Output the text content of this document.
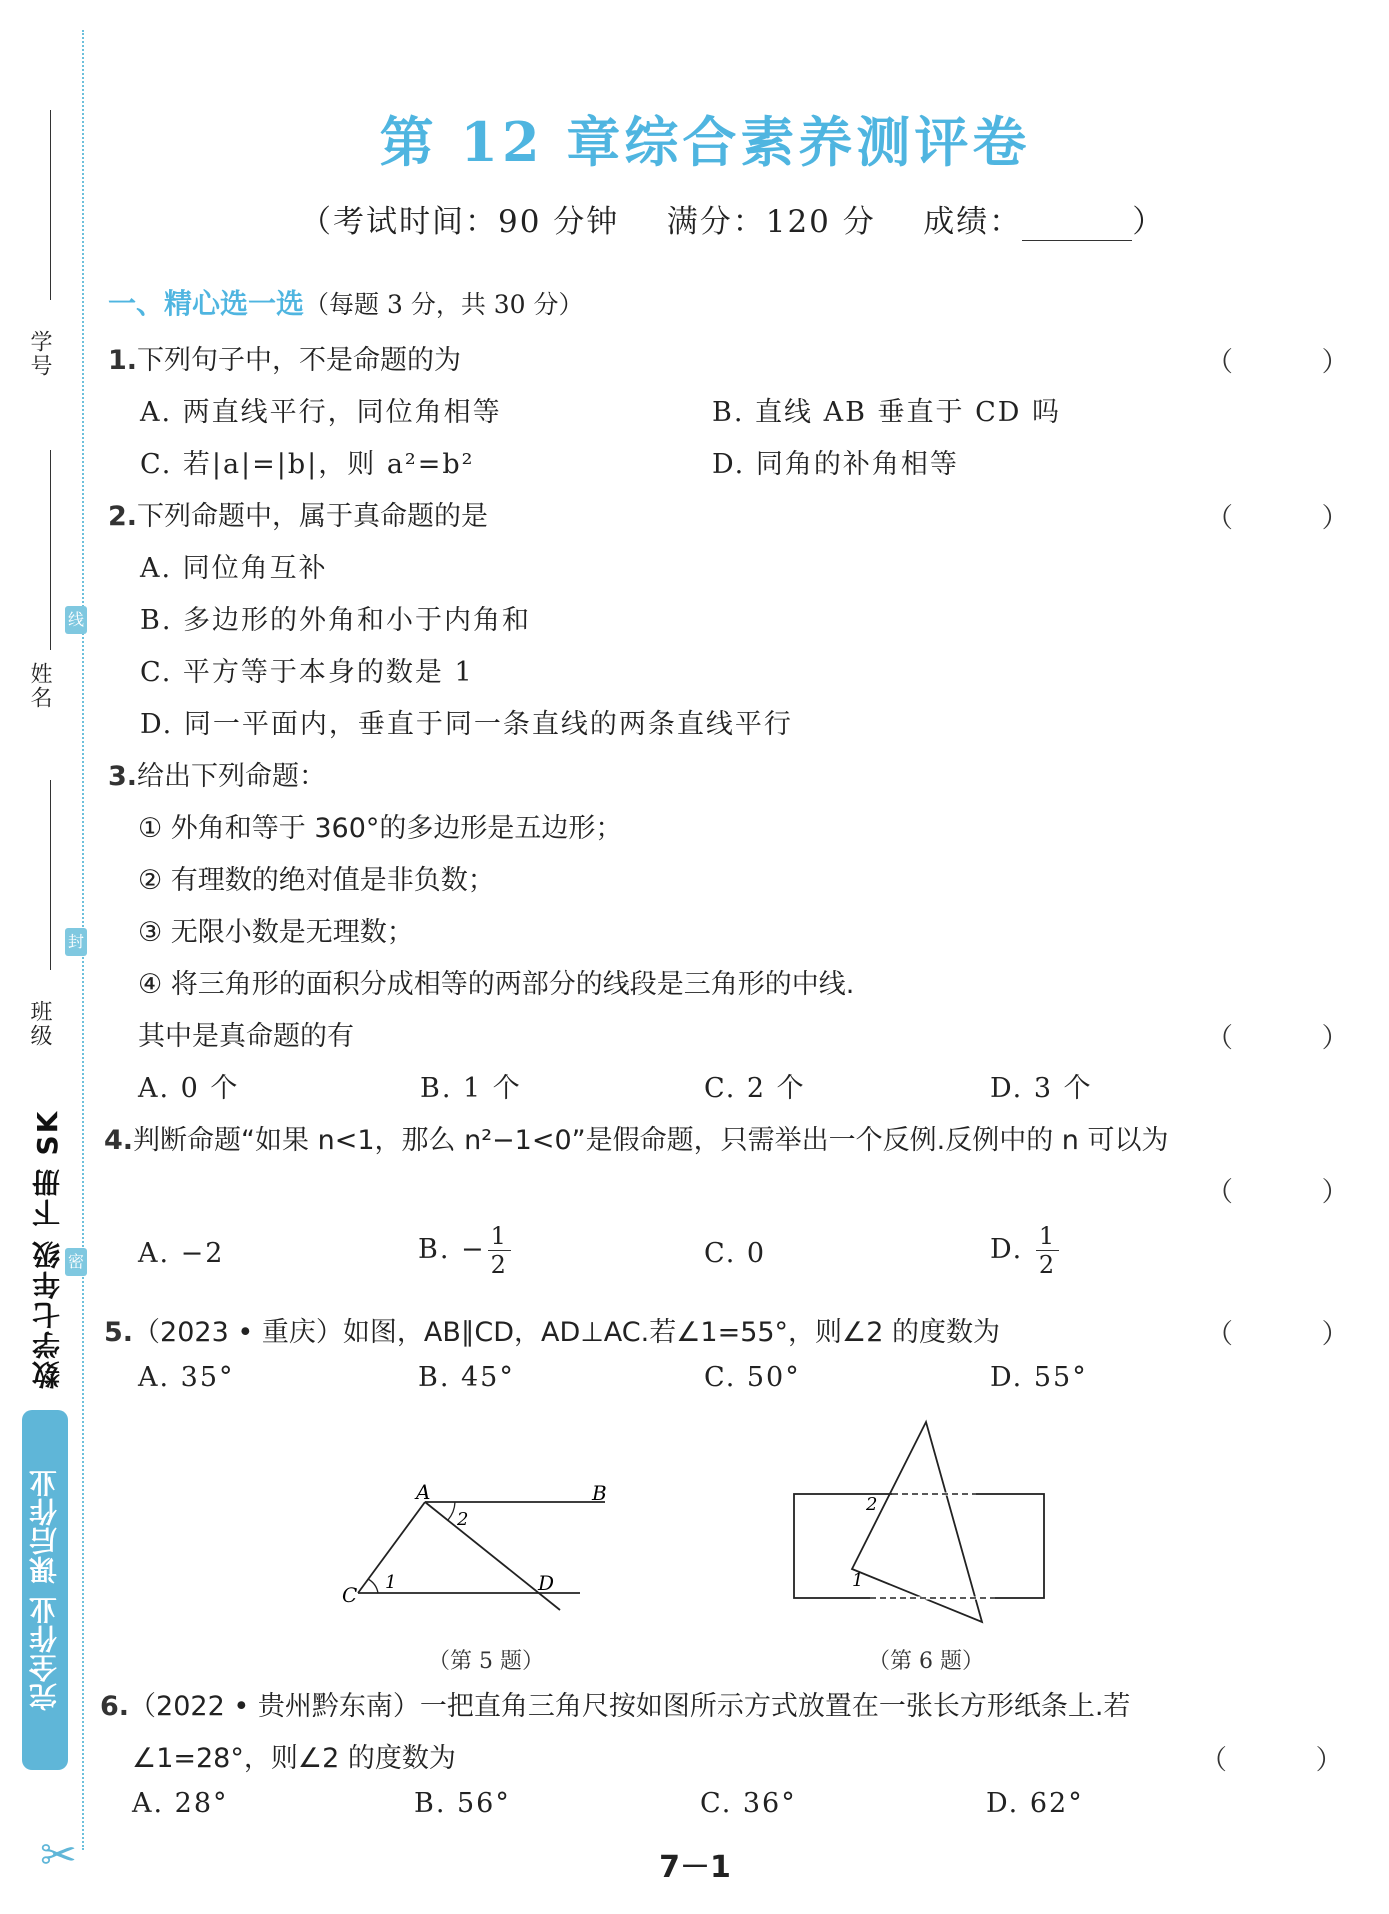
学号
线
姓名
封
班级
密
数学七年级 下册 SK
完全作业 课后作业
✂
第 12 章综合素养测评卷
（考试时间：90 分钟 满分：120 分 成绩：	）
一、精心选一选（每题 3 分，共 30 分）
1.下列句子中，不是命题的为	（ ）
A. 两直线平行，同位角相等	B. 直线 AB 垂直于 CD 吗
C. 若|a|=|b|，则 a²=b²	D. 同角的补角相等
2.下列命题中，属于真命题的是	（ ）
A. 同位角互补
B. 多边形的外角和小于内角和
C. 平方等于本身的数是 1
D. 同一平面内，垂直于同一条直线的两条直线平行
3.给出下列命题：
① 外角和等于 360°的多边形是五边形；
② 有理数的绝对值是非负数；
③ 无限小数是无理数；
④ 将三角形的面积分成相等的两部分的线段是三角形的中线.
其中是真命题的有	（ ）
A. 0 个	B. 1 个	C. 2 个	D. 3 个
4.判断命题“如果 n<1，那么 n²−1<0”是假命题，只需举出一个反例.反例中的 n 可以为
（ ）
A. −2	B. − $\frac{1}{2}$	C. 0	D. $\frac{1}{2}$
5.（2023 • 重庆）如图，AB∥CD，AD⊥AC.若∠1=55°，则∠2 的度数为	（ ）
A. 35°	B. 45°	C. 50°	D. 55°
A	B
C	D
1
2
（第 5 题）
2
1
（第 6 题）
6.（2022 • 贵州黔东南）一把直角三角尺按如图所示方式放置在一张长方形纸条上.若
∠1=28°，则∠2 的度数为	（ ）
A. 28°	B. 56°	C. 36°	D. 62°
7－1
